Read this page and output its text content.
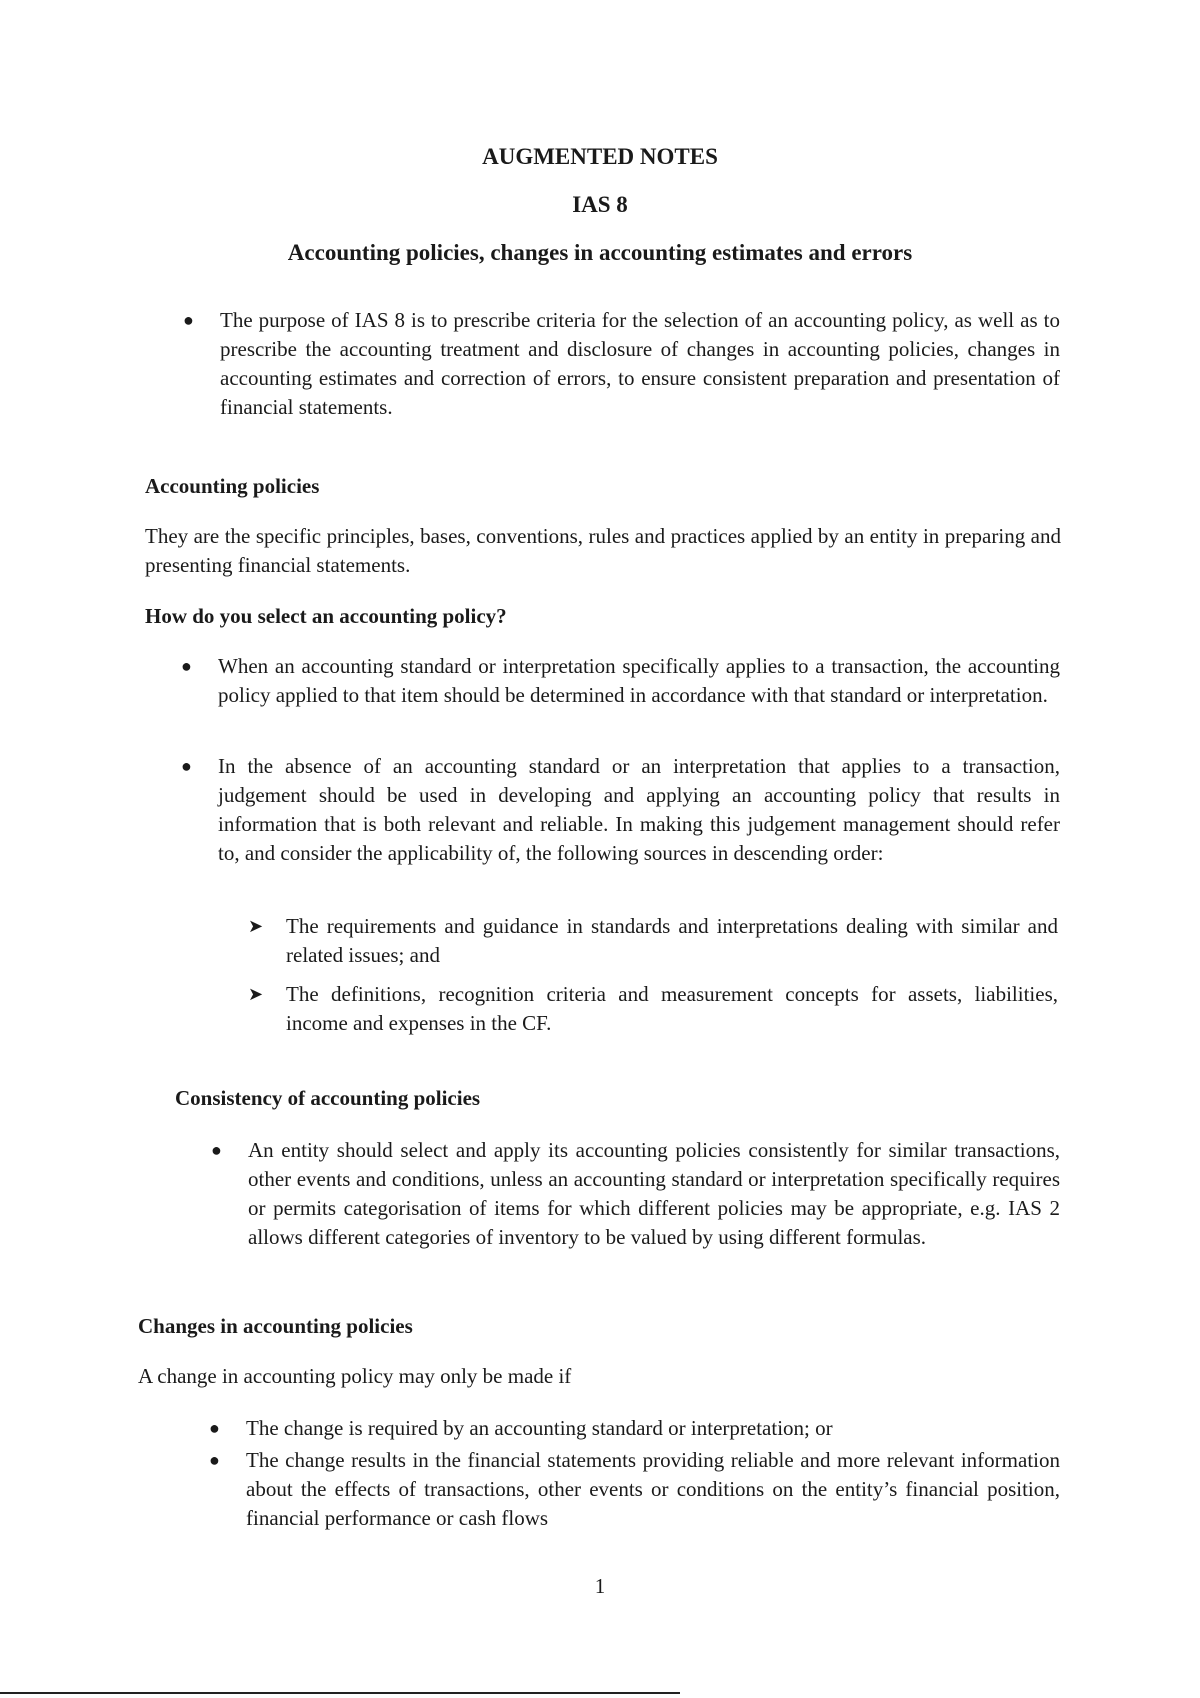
AUGMENTED NOTES
IAS 8
Accounting policies, changes in accounting estimates and errors
● The purpose of IAS 8 is to prescribe criteria for the selection of an accounting policy, as well as to prescribe the accounting treatment and disclosure of changes in accounting policies, changes in accounting estimates and correction of errors, to ensure consistent preparation and presentation of financial statements.
Accounting policies
They are the specific principles, bases, conventions, rules and practices applied by an entity in preparing and presenting financial statements.
How do you select an accounting policy?
● When an accounting standard or interpretation specifically applies to a transaction, the accounting policy applied to that item should be determined in accordance with that standard or interpretation.
● In the absence of an accounting standard or an interpretation that applies to a transaction, judgement should be used in developing and applying an accounting policy that results in information that is both relevant and reliable. In making this judgement management should refer to, and consider the applicability of, the following sources in descending order:
➤ The requirements and guidance in standards and interpretations dealing with similar and related issues; and
➤ The definitions, recognition criteria and measurement concepts for assets, liabilities, income and expenses in the CF.
Consistency of accounting policies
● An entity should select and apply its accounting policies consistently for similar transactions, other events and conditions, unless an accounting standard or interpretation specifically requires or permits categorisation of items for which different policies may be appropriate, e.g. IAS 2 allows different categories of inventory to be valued by using different formulas.
Changes in accounting policies
A change in accounting policy may only be made if
● The change is required by an accounting standard or interpretation; or
● The change results in the financial statements providing reliable and more relevant information about the effects of transactions, other events or conditions on the entity’s financial position, financial performance or cash flows
1
